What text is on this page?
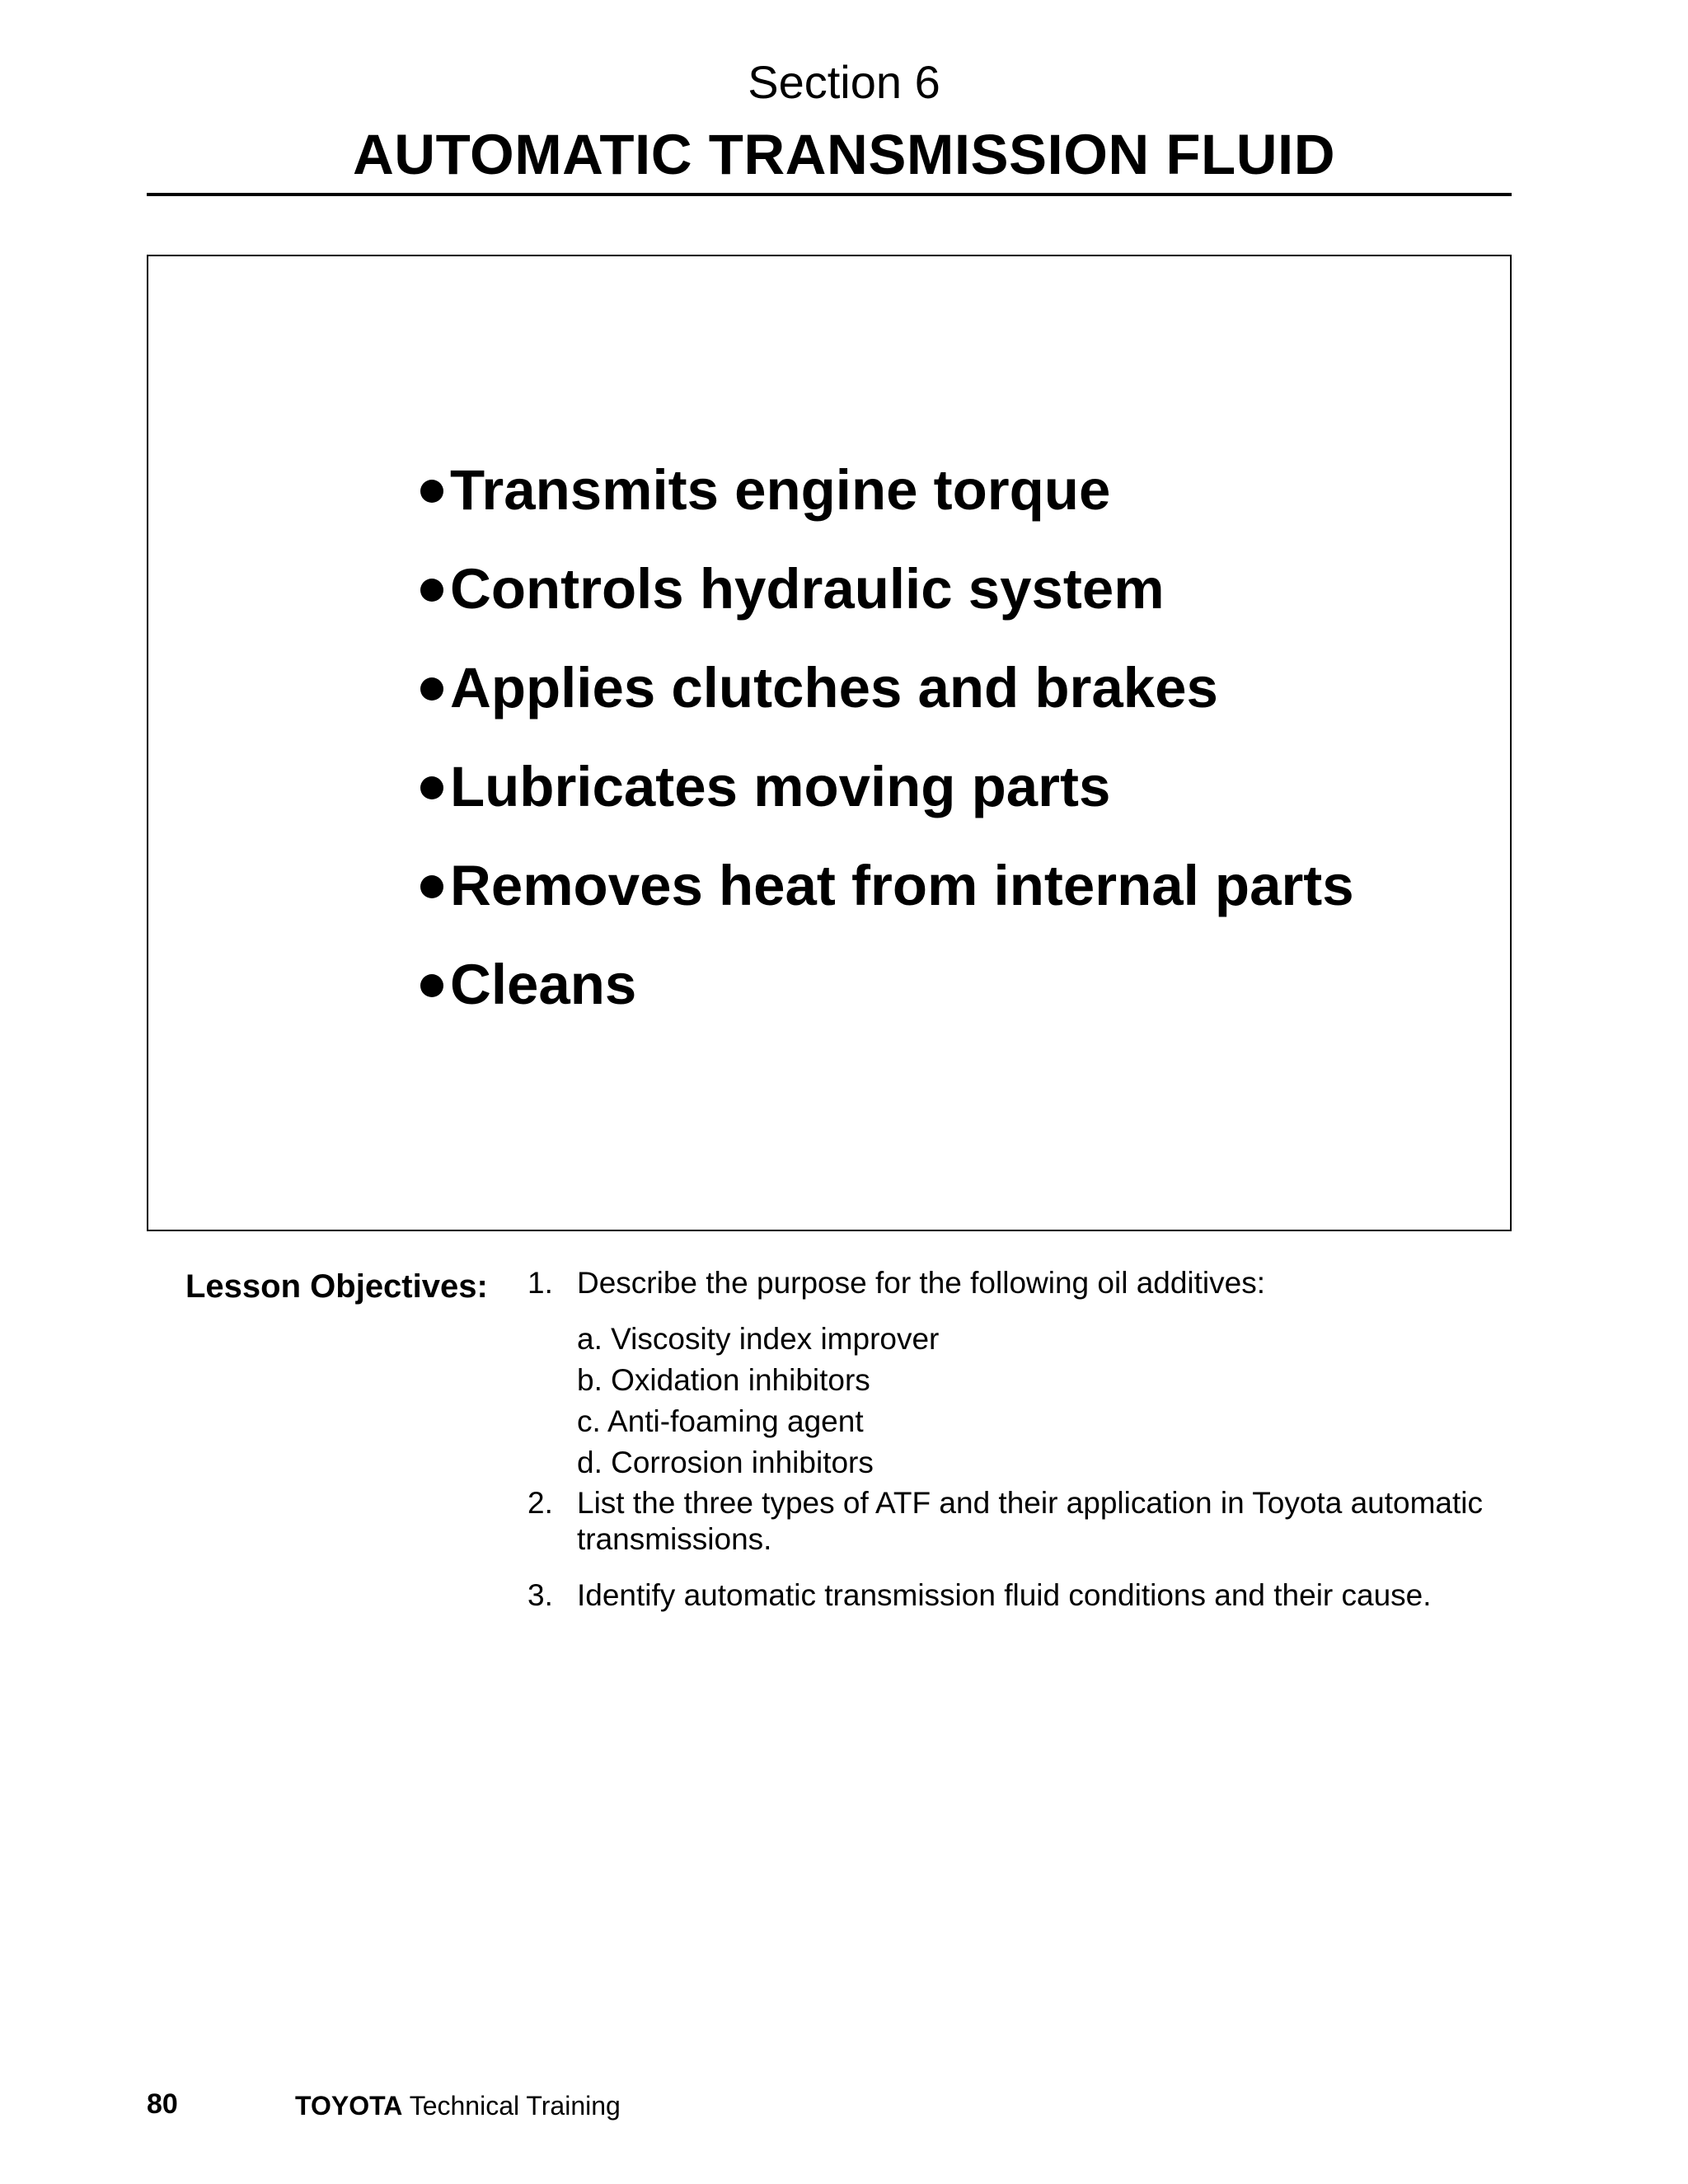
Section 6
AUTOMATIC TRANSMISSION FLUID
Transmits engine torque
Controls hydraulic system
Applies clutches and brakes
Lubricates moving parts
Removes heat from internal parts
Cleans
Lesson Objectives: 1. Describe the purpose for the following oil additives:
a. Viscosity index improver
b. Oxidation inhibitors
c. Anti-foaming agent
d. Corrosion inhibitors
2. List the three types of ATF and their application in Toyota automatic
transmissions.
3. Identify automatic transmission fluid conditions and their cause.
80	TOYOTA Technical Training
